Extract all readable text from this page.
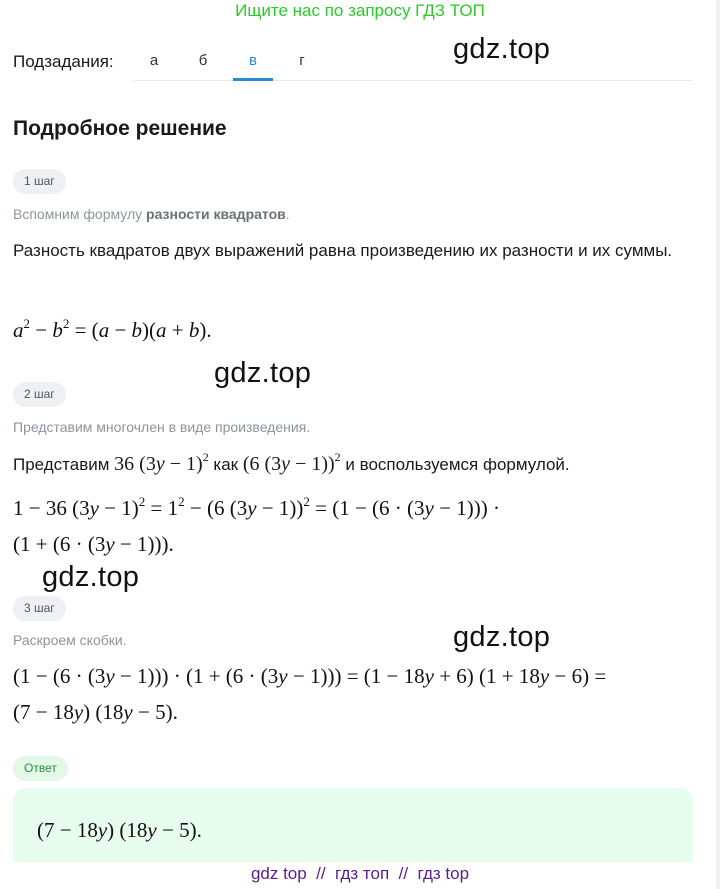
Ищите нас по запросу ГДЗ ТОП
Подзадания:	а	б	в	г	gdz.top
Подробное решение
1 шаг
Вспомним формулу разности квадратов.
Разность квадратов двух выражений равна произведению их разности и их суммы.
$a^2 - b^2 = (a - b)(a + b)$.
gdz.top
2 шаг
Представим многочлен в виде произведения.
Представим 36 $(3y - 1)^2$ как (6 (3y − 1))$^2$ и воспользуемся формулой.
1 − 36 $(3y - 1)^2 = 1^2 - (6$ (3y − 1))$^2$ = (1 − (6 · (3y − 1))) ·
(1 + (6 · (3y − 1))).
gdz.top
3 шаг
Раскроем скобки.	gdz.top
(1 − (6 · (3y − 1))) · (1 + (6 · (3y − 1))) = (1 − 18y + 6) (1 + 18y − 6) =
(7 − 18y) (18y − 5).
Ответ
(7 − 18y) (18y − 5).
gdz top  //  гдз топ  //  гдз top
